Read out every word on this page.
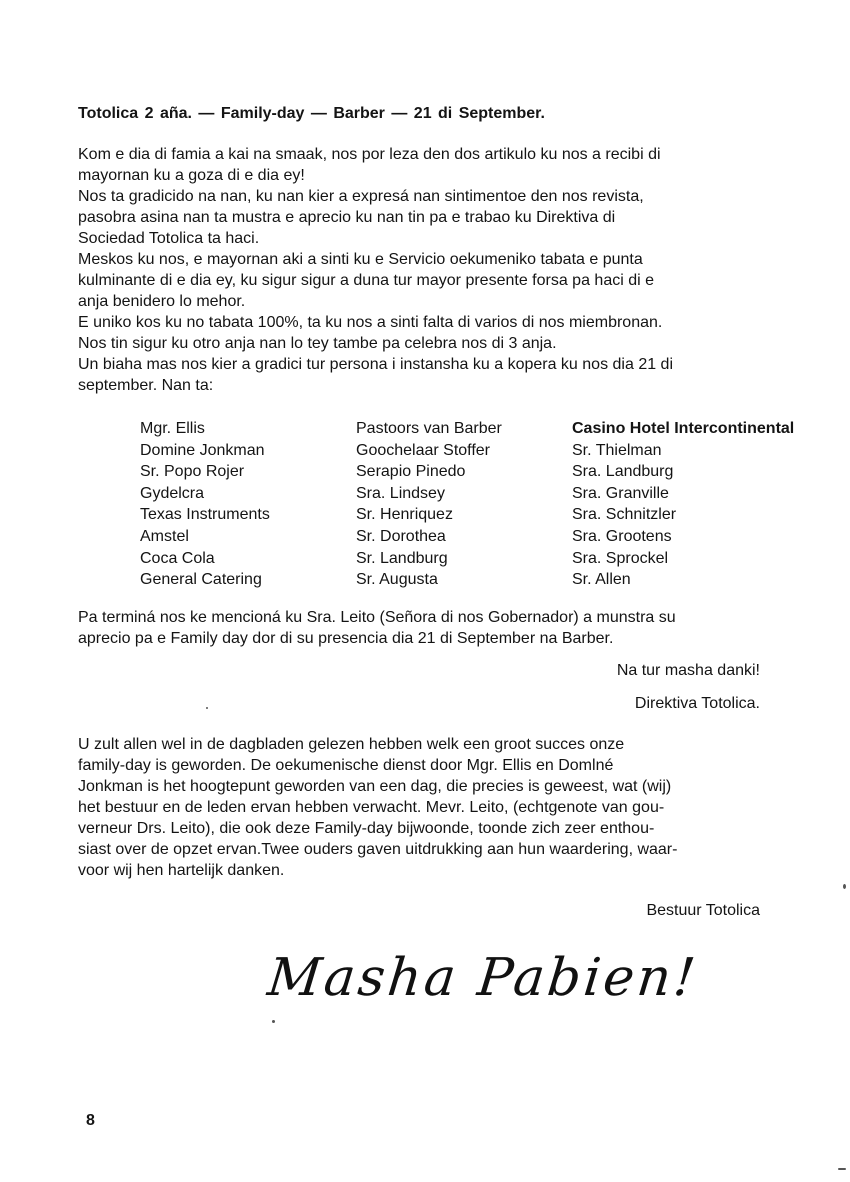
Totolica 2 aña. — Family-day — Barber — 21 di September.
Kom e dia di famia a kai na smaak, nos por leza den dos artikulo ku nos a recibi di
mayornan ku a goza di e dia ey!
Nos ta gradicido na nan, ku nan kier a expresá nan sintimentoe den nos revista,
pasobra asina nan ta mustra e aprecio ku nan tin pa e trabao ku Direktiva di
Sociedad Totolica ta haci.
Meskos ku nos, e mayornan aki a sinti ku e Servicio oekumeniko tabata e punta
kulminante di e dia ey, ku sigur sigur a duna tur mayor presente forsa pa haci di e
anja benidero lo mehor.
E uniko kos ku no tabata 100%, ta ku nos a sinti falta di varios di nos miembronan.
Nos tin sigur ku otro anja nan lo tey tambe pa celebra nos di 3 anja.
Un biaha mas nos kier a gradici tur persona i instansha ku a kopera ku nos dia 21 di
september. Nan ta:
Mgr. Ellis
Domine Jonkman
Sr. Popo Rojer
Gydelcra
Texas Instruments
Amstel
Coca Cola
General Catering
Pastoors van Barber
Goochelaar Stoffer
Serapio Pinedo
Sra. Lindsey
Sr. Henriquez
Sr. Dorothea
Sr. Landburg
Sr. Augusta
Casino Hotel Intercontinental
Sr. Thielman
Sra. Landburg
Sra. Granville
Sra. Schnitzler
Sra. Grootens
Sra. Sprockel
Sr. Allen
Pa terminá nos ke mencioná ku Sra. Leito (Señora di nos Gobernador) a munstra su
aprecio pa e Family day dor di su presencia dia 21 di September na Barber.
Na tur masha danki!
Direktiva Totolica.
U zult allen wel in de dagbladen gelezen hebben welk een groot succes onze
family-day is geworden. De oekumenische dienst door Mgr. Ellis en Domlné
Jonkman is het hoogtepunt geworden van een dag, die precies is geweest, wat (wij)
het bestuur en de leden ervan hebben verwacht. Mevr. Leito, (echtgenote van gou-
verneur Drs. Leito), die ook deze Family-day bijwoonde, toonde zich zeer enthou-
siast over de opzet ervan.Twee ouders gaven uitdrukking aan hun waardering, waar-
voor wij hen hartelijk danken.
Bestuur Totolica
Masha Pabien!
8
